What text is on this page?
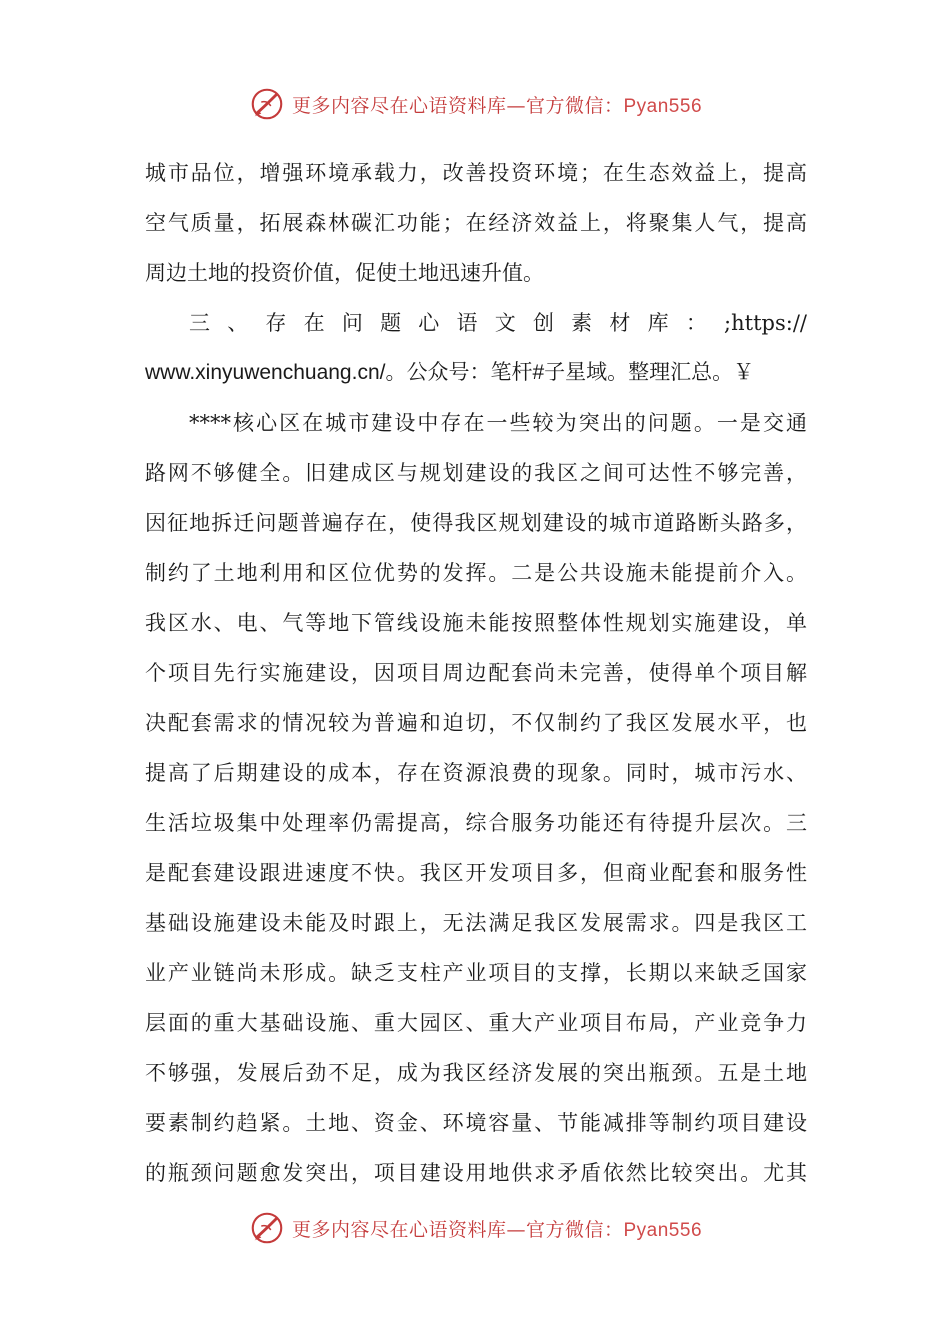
更多内容尽在心语资料库—官方微信：Pyan556
城市品位，增强环境承载力，改善投资环境；在生态效益上，提高
空气质量，拓展森林碳汇功能；在经济效益上，将聚集人气，提高
周边土地的投资价值，促使土地迅速升值。
三、存在问题心语文创素材库：;https://
www.xinyuwenchuang.cn/。公众号：笔杆#子星域。整理汇总。￥
****核心区在城市建设中存在一些较为突出的问题。一是交通
路网不够健全。旧建成区与规划建设的我区之间可达性不够完善，
因征地拆迁问题普遍存在，使得我区规划建设的城市道路断头路多，
制约了土地利用和区位优势的发挥。二是公共设施未能提前介入。
我区水、电、气等地下管线设施未能按照整体性规划实施建设，单
个项目先行实施建设，因项目周边配套尚未完善，使得单个项目解
决配套需求的情况较为普遍和迫切，不仅制约了我区发展水平，也
提高了后期建设的成本，存在资源浪费的现象。同时，城市污水、
生活垃圾集中处理率仍需提高，综合服务功能还有待提升层次。三
是配套建设跟进速度不快。我区开发项目多，但商业配套和服务性
基础设施建设未能及时跟上，无法满足我区发展需求。四是我区工
业产业链尚未形成。缺乏支柱产业项目的支撑，长期以来缺乏国家
层面的重大基础设施、重大园区、重大产业项目布局，产业竞争力
不够强，发展后劲不足，成为我区经济发展的突出瓶颈。五是土地
要素制约趋紧。土地、资金、环境容量、节能减排等制约项目建设
的瓶颈问题愈发突出，项目建设用地供求矛盾依然比较突出。尤其
更多内容尽在心语资料库—官方微信：Pyan556
